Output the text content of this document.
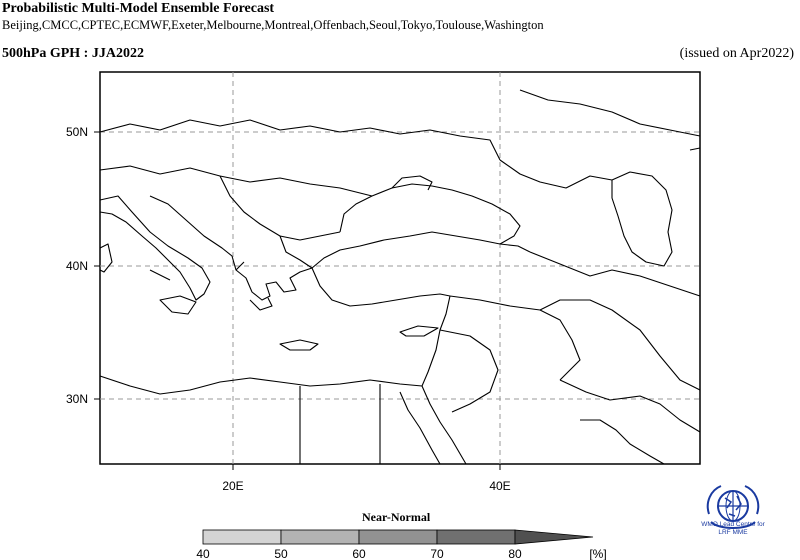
Probabilistic Multi-Model Ensemble Forecast
Beijing,CMCC,CPTEC,ECMWF,Exeter,Melbourne,Montreal,Offenbach,Seoul,Tokyo,Toulouse,Washington
500hPa GPH : JJA2022	(issued on Apr2022)
50N
40N
30N
20E	40E
40	50	60	70	80	[%]
WMO Lead Centre for
LRF MME
Near-Normal
